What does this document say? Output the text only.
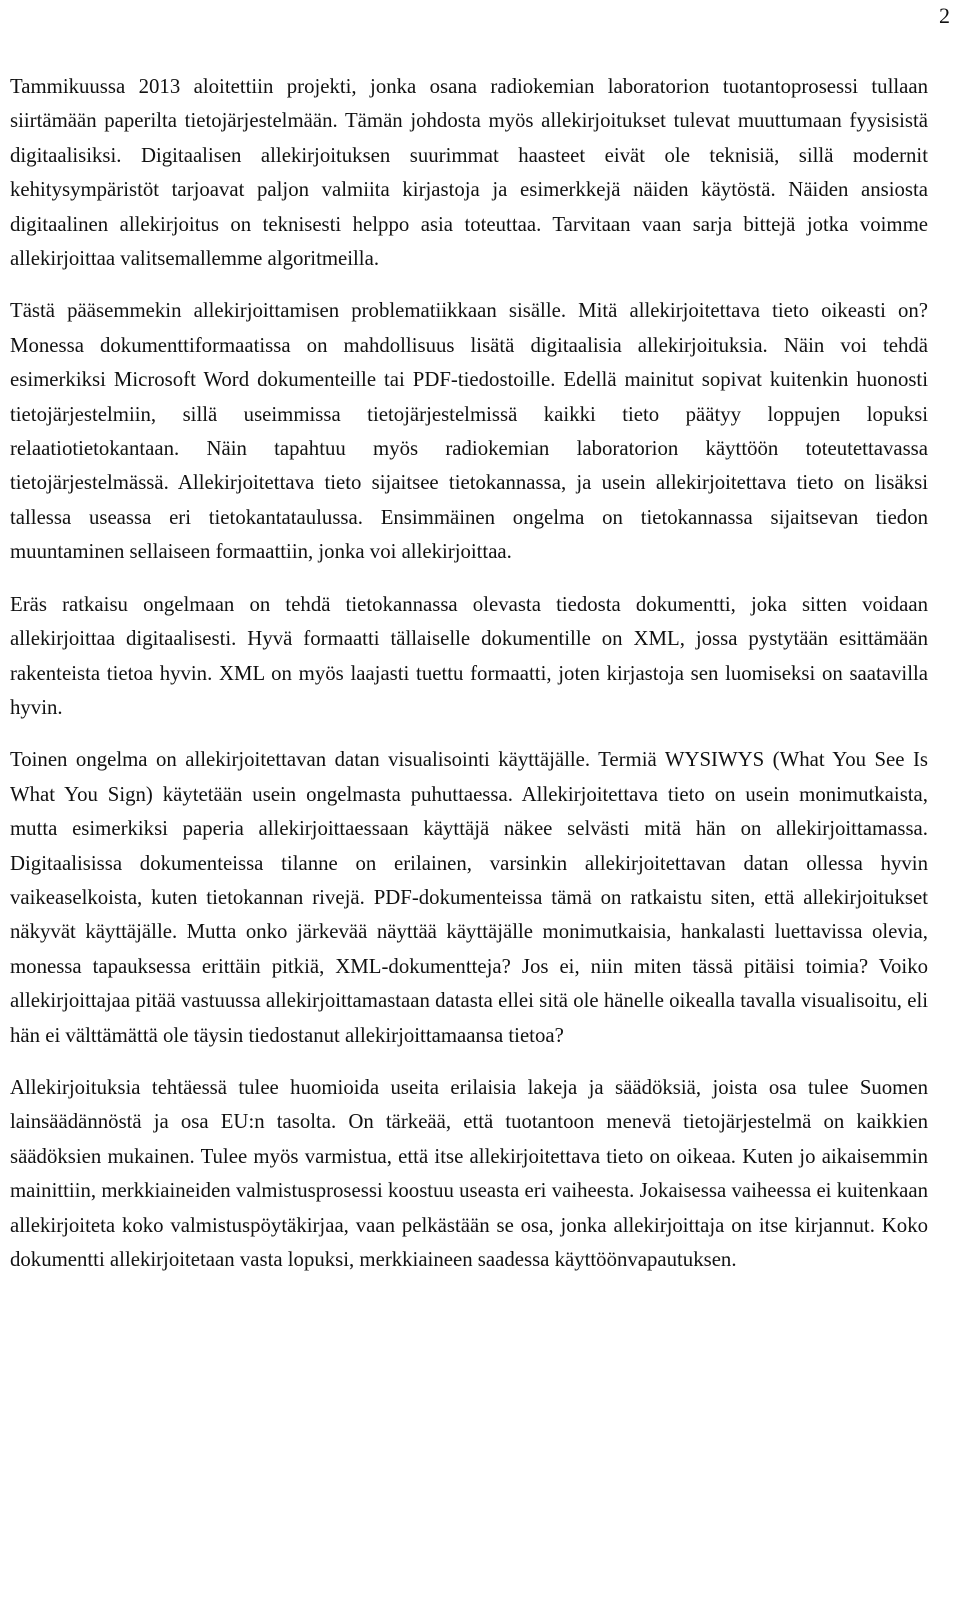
2

Tammikuussa 2013 aloitettiin projekti, jonka osana radiokemian laboratorion tuotantoprosessi tullaan siirtämään paperilta tietojärjestelmään. Tämän johdosta myös allekirjoitukset tulevat muuttumaan fyysisistä digitaalisiksi. Digitaalisen allekirjoituksen suurimmat haasteet eivät ole teknisiä, sillä modernit kehitysympäristöt tarjoavat paljon valmiita kirjastoja ja esimerkkejä näiden käytöstä. Näiden ansiosta digitaalinen allekirjoitus on teknisesti helppo asia toteuttaa. Tarvitaan vaan sarja bittejä jotka voimme allekirjoittaa valitsemallemme algoritmeilla.

Tästä pääsemmekin allekirjoittamisen problematiikkaan sisälle. Mitä allekirjoitettava tieto oikeasti on? Monessa dokumenttiformaatissa on mahdollisuus lisätä digitaalisia allekirjoituksia. Näin voi tehdä esimerkiksi Microsoft Word dokumenteille tai PDF-tiedostoille. Edellä mainitut sopivat kuitenkin huonosti tietojärjestelmiin, sillä useimmissa tietojärjestelmissä kaikki tieto päätyy loppujen lopuksi relaatiotietokantaan. Näin tapahtuu myös radiokemian laboratorion käyttöön toteutettavassa tietojärjestelmässä. Allekirjoitettava tieto sijaitsee tietokannassa, ja usein allekirjoitettava tieto on lisäksi tallessa useassa eri tietokantataulussa. Ensimmäinen ongelma on tietokannassa sijaitsevan tiedon muuntaminen sellaiseen formaattiin, jonka voi allekirjoittaa.

Eräs ratkaisu ongelmaan on tehdä tietokannassa olevasta tiedosta dokumentti, joka sitten voidaan allekirjoittaa digitaalisesti. Hyvä formaatti tällaiselle dokumentille on XML, jossa pystytään esittämään rakenteista tietoa hyvin. XML on myös laajasti tuettu formaatti, joten kirjastoja sen luomiseksi on saatavilla hyvin.

Toinen ongelma on allekirjoitettavan datan visualisointi käyttäjälle. Termiä WYSIWYS (What You See Is What You Sign) käytetään usein ongelmasta puhuttaessa. Allekirjoitettava tieto on usein monimutkaista, mutta esimerkiksi paperia allekirjoittaessaan käyttäjä näkee selvästi mitä hän on allekirjoittamassa. Digitaalisissa dokumenteissa tilanne on erilainen, varsinkin allekirjoitettavan datan ollessa hyvin vaikeaselkoista, kuten tietokannan rivejä. PDF-dokumenteissa tämä on ratkaistu siten, että allekirjoitukset näkyvät käyttäjälle. Mutta onko järkevää näyttää käyttäjälle monimutkaisia, hankalasti luettavissa olevia, monessa tapauksessa erittäin pitkiä, XML-dokumentteja? Jos ei, niin miten tässä pitäisi toimia? Voiko allekirjoittajaa pitää vastuussa allekirjoittamastaan datasta ellei sitä ole hänelle oikealla tavalla visualisoitu, eli hän ei välttämättä ole täysin tiedostanut allekirjoittamaansa tietoa?

Allekirjoituksia tehtäessä tulee huomioida useita erilaisia lakeja ja säädöksiä, joista osa tulee Suomen lainsäädännöstä ja osa EU:n tasolta. On tärkeää, että tuotantoon menevä tietojärjestelmä on kaikkien säädöksien mukainen. Tulee myös varmistua, että itse allekirjoitettava tieto on oikeaa. Kuten jo aikaisemmin mainittiin, merkkiaineiden valmistusprosessi koostuu useasta eri vaiheesta. Jokaisessa vaiheessa ei kuitenkaan allekirjoiteta koko valmistuspöytäkirjaa, vaan pelkästään se osa, jonka allekirjoittaja on itse kirjannut. Koko dokumentti allekirjoitetaan vasta lopuksi, merkkiaineen saadessa käyttöönvapautuksen.
